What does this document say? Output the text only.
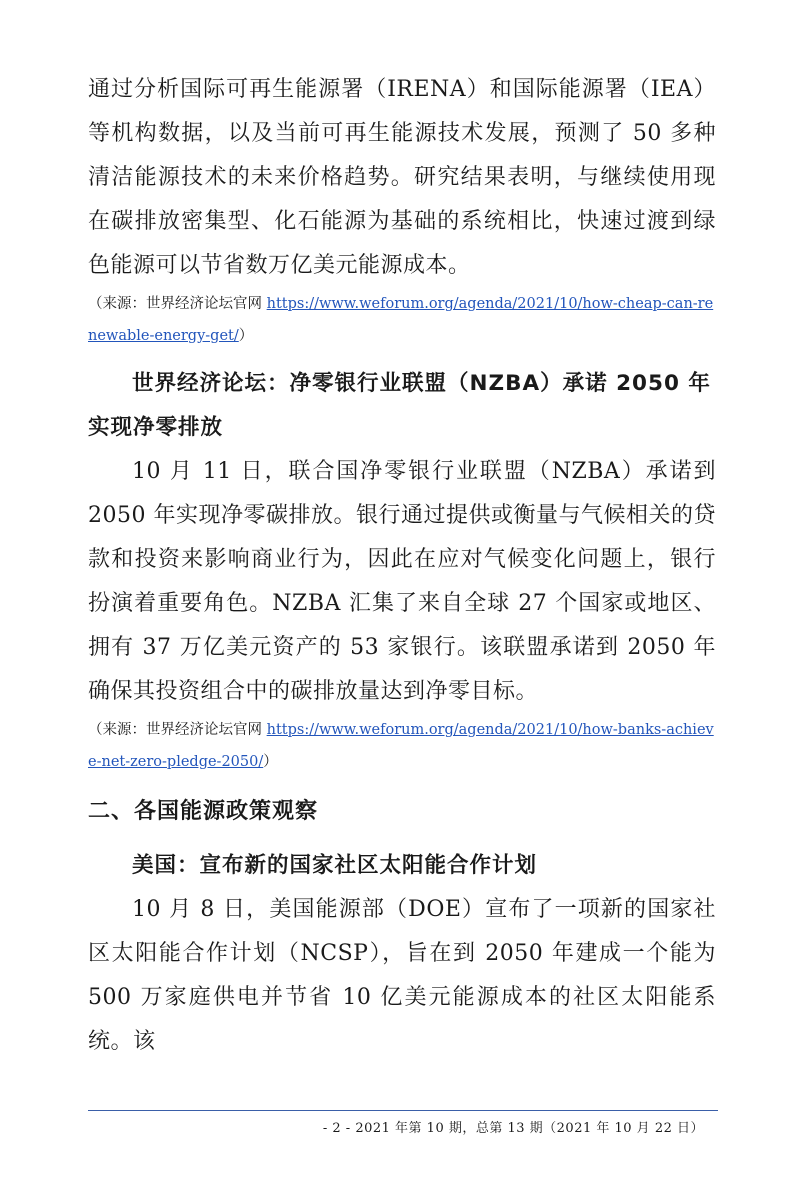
通过分析国际可再生能源署（IRENA）和国际能源署（IEA）等机构数据，以及当前可再生能源技术发展，预测了 50 多种清洁能源技术的未来价格趋势。研究结果表明，与继续使用现在碳排放密集型、化石能源为基础的系统相比，快速过渡到绿色能源可以节省数万亿美元能源成本。

（来源：世界经济论坛官网 https://www.weforum.org/agenda/2021/10/how-cheap-can-renewable-energy-get/）

世界经济论坛：净零银行业联盟（NZBA）承诺 2050 年实现净零排放

10 月 11 日，联合国净零银行业联盟（NZBA）承诺到 2050 年实现净零碳排放。银行通过提供或衡量与气候相关的贷款和投资来影响商业行为，因此在应对气候变化问题上，银行扮演着重要角色。NZBA 汇集了来自全球 27 个国家或地区、拥有 37 万亿美元资产的 53 家银行。该联盟承诺到 2050 年确保其投资组合中的碳排放量达到净零目标。

（来源：世界经济论坛官网 https://www.weforum.org/agenda/2021/10/how-banks-achieve-net-zero-pledge-2050/）

二、各国能源政策观察
美国：宣布新的国家社区太阳能合作计划

10 月 8 日，美国能源部（DOE）宣布了一项新的国家社区太阳能合作计划（NCSP），旨在到 2050 年建成一个能为 500 万家庭供电并节省 10 亿美元能源成本的社区太阳能系统。该

- 2 - 2021 年第 10 期，总第 13 期（2021 年 10 月 22 日）
